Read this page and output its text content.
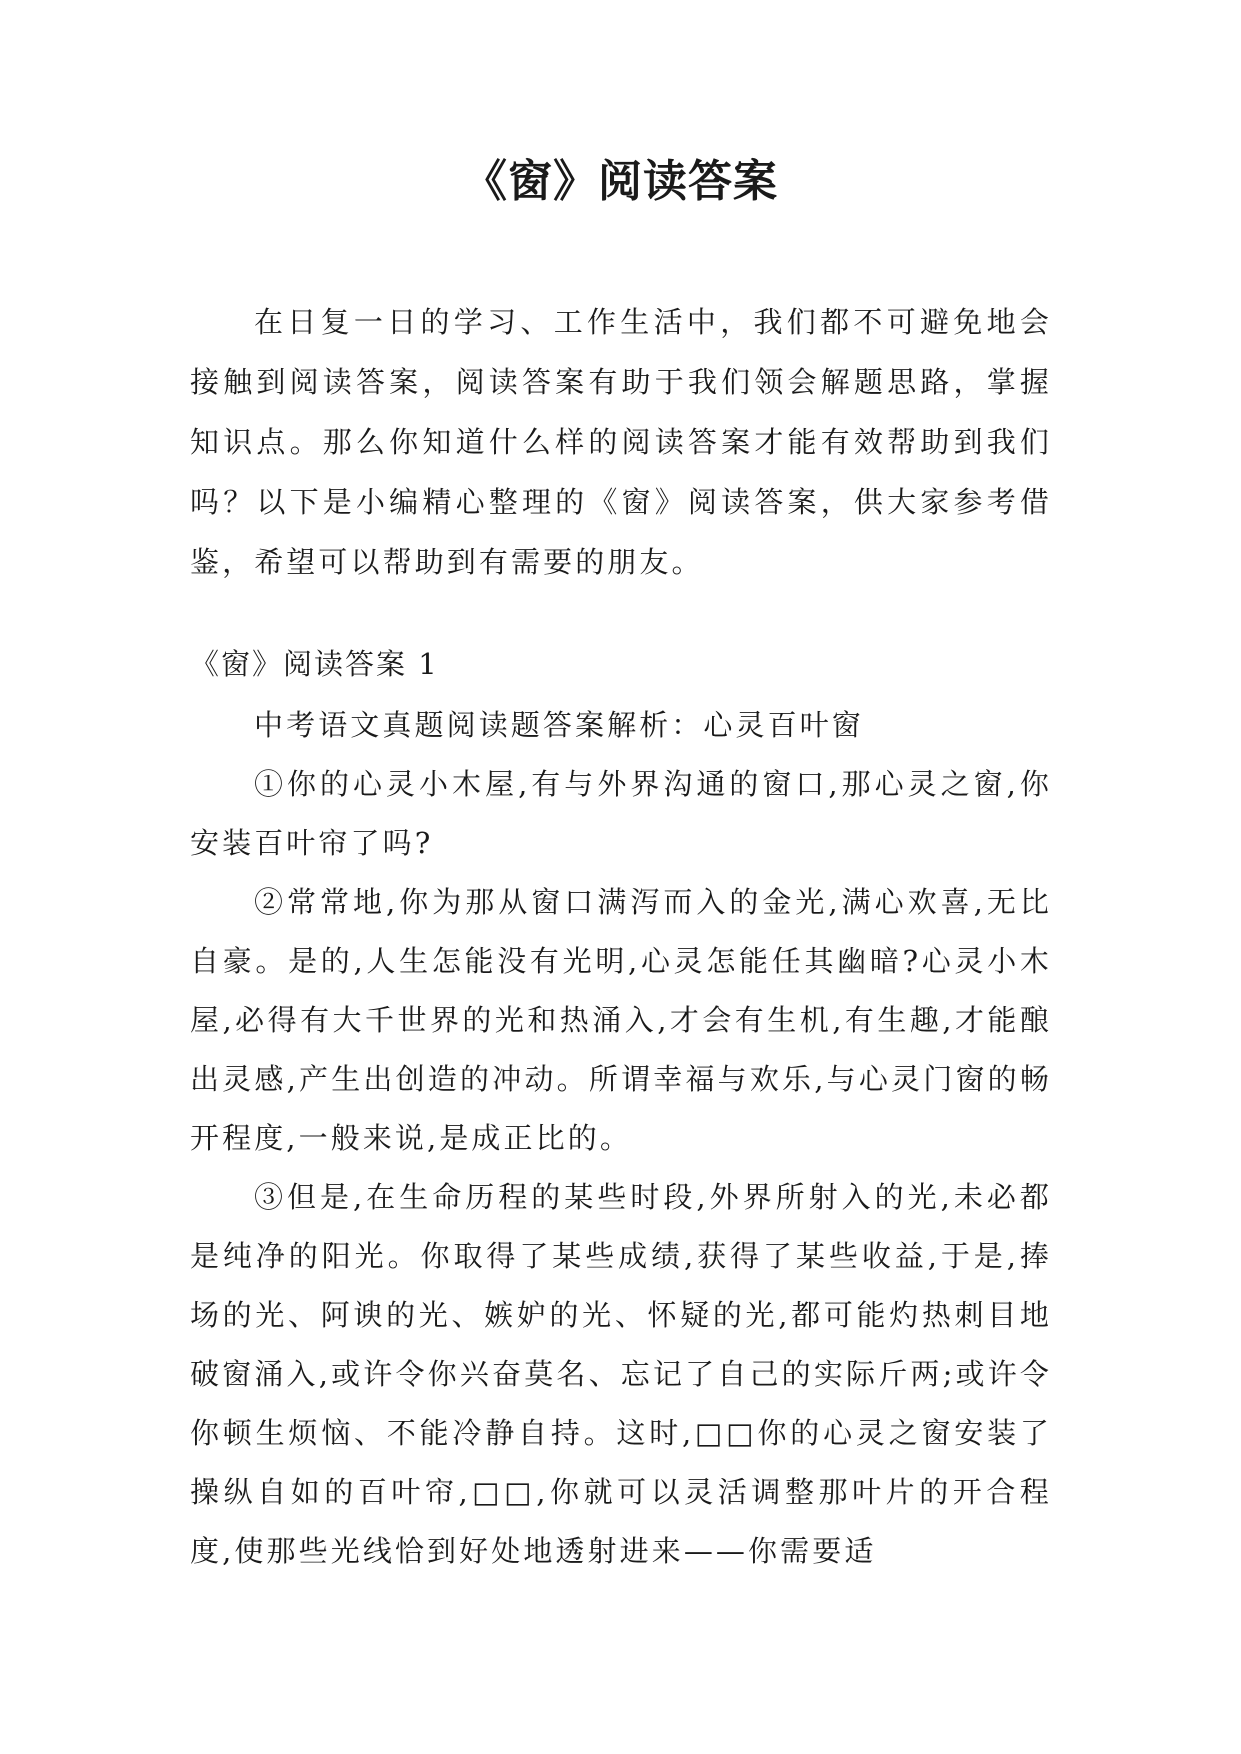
《窗》阅读答案

在日复一日的学习、工作生活中，我们都不可避免地会接触到阅读答案，阅读答案有助于我们领会解题思路，掌握知识点。那么你知道什么样的阅读答案才能有效帮助到我们吗？以下是小编精心整理的《窗》阅读答案，供大家参考借鉴，希望可以帮助到有需要的朋友。

《窗》阅读答案 1

中考语文真题阅读题答案解析：心灵百叶窗

①你的心灵小木屋,有与外界沟通的窗口,那心灵之窗,你安装百叶帘了吗?

②常常地,你为那从窗口满泻而入的金光,满心欢喜,无比自豪。是的,人生怎能没有光明,心灵怎能任其幽暗?心灵小木屋,必得有大千世界的光和热涌入,才会有生机,有生趣,才能酿出灵感,产生出创造的冲动。所谓幸福与欢乐,与心灵门窗的畅开程度,一般来说,是成正比的。

③但是,在生命历程的某些时段,外界所射入的光,未必都是纯净的阳光。你取得了某些成绩,获得了某些收益,于是,捧场的光、阿谀的光、嫉妒的光、怀疑的光,都可能灼热刺目地破窗涌入,或许令你兴奋莫名、忘记了自己的实际斤两;或许令你顿生烦恼、不能冷静自持。这时,□□你的心灵之窗安装了操纵自如的百叶帘,□□,你就可以灵活调整那叶片的开合程度,使那些光线恰到好处地透射进来——你需要适
